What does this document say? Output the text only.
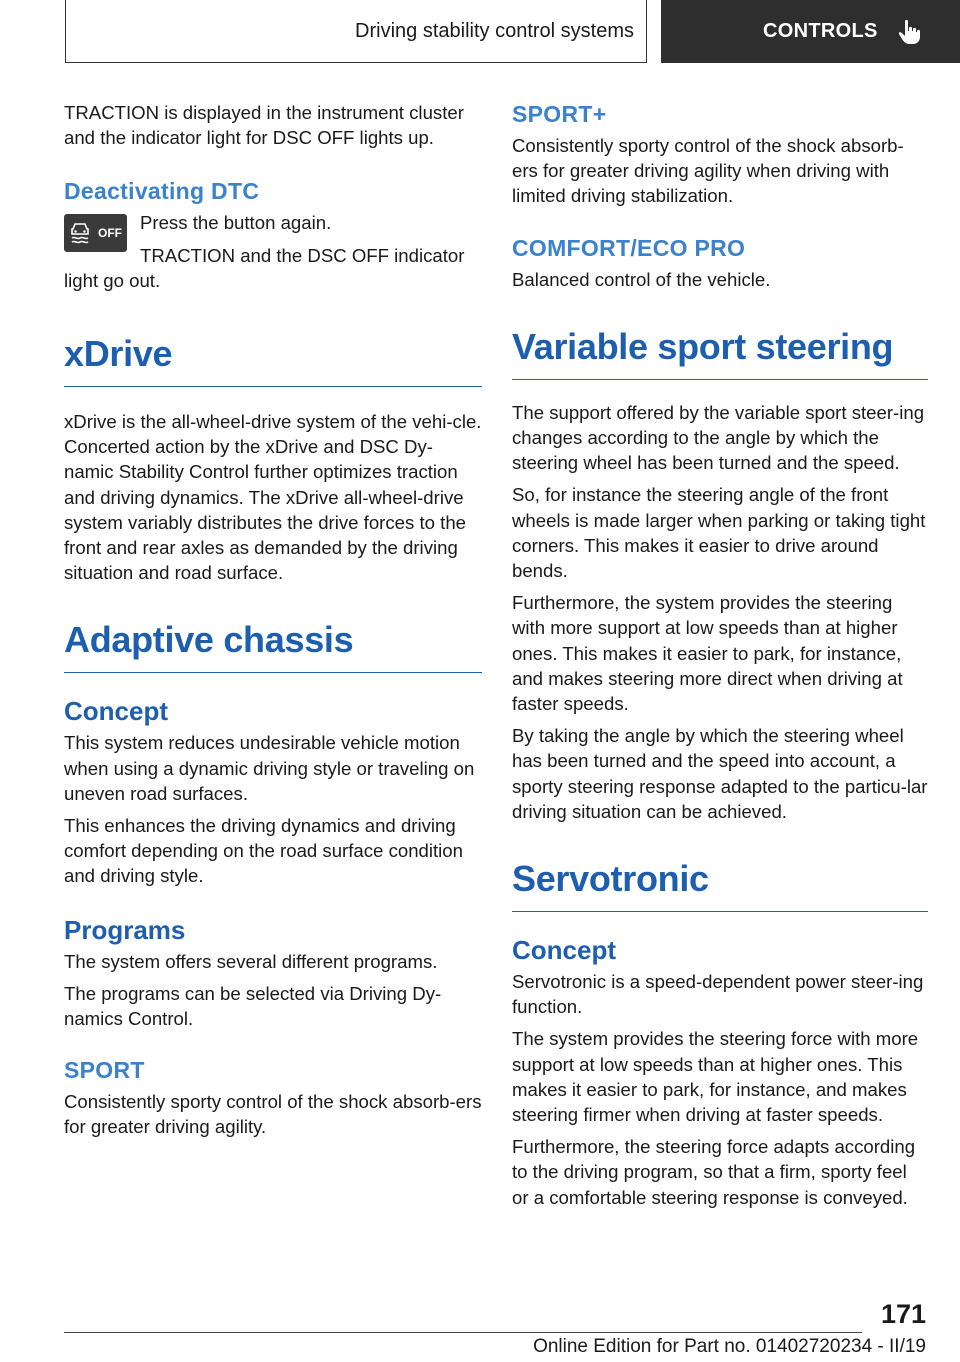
Driving stability control systems	CONTROLS

TRACTION is displayed in the instrument cluster and the indicator light for DSC OFF lights up.

Deactivating DTC
OFF Press the button again.

TRACTION and the DSC OFF indicator light go out.

xDrive

xDrive is the all-wheel-drive system of the vehi‐cle. Concerted action by the xDrive and DSC Dy‐namic Stability Control further optimizes traction and driving dynamics. The xDrive all-wheel-drive system variably distributes the drive forces to the front and rear axles as demanded by the driving situation and road surface.

Adaptive chassis
Concept

This system reduces undesirable vehicle motion when using a dynamic driving style or traveling on uneven road surfaces.

This enhances the driving dynamics and driving comfort depending on the road surface condition and driving style.

Programs

The system offers several different programs.

The programs can be selected via Driving Dy‐namics Control.

SPORT

Consistently sporty control of the shock absorb‐ers for greater driving agility.

SPORT+

Consistently sporty control of the shock absorb‐ers for greater driving agility when driving with limited driving stabilization.

COMFORT/ECO PRO

Balanced control of the vehicle.

Variable sport steering

The support offered by the variable sport steer‐ing changes according to the angle by which the steering wheel has been turned and the speed.

So, for instance the steering angle of the front wheels is made larger when parking or taking tight corners. This makes it easier to drive around bends.

Furthermore, the system provides the steering with more support at low speeds than at higher ones. This makes it easier to park, for instance, and makes steering more direct when driving at faster speeds.

By taking the angle by which the steering wheel has been turned and the speed into account, a sporty steering response adapted to the particu‐lar driving situation can be achieved.

Servotronic
Concept

Servotronic is a speed-dependent power steer‐ing function.

The system provides the steering force with more support at low speeds than at higher ones. This makes it easier to park, for instance, and makes steering firmer when driving at faster speeds.

Furthermore, the steering force adapts according to the driving program, so that a firm, sporty feel or a comfortable steering response is conveyed.

171
Online Edition for Part no. 01402720234 - II/19
